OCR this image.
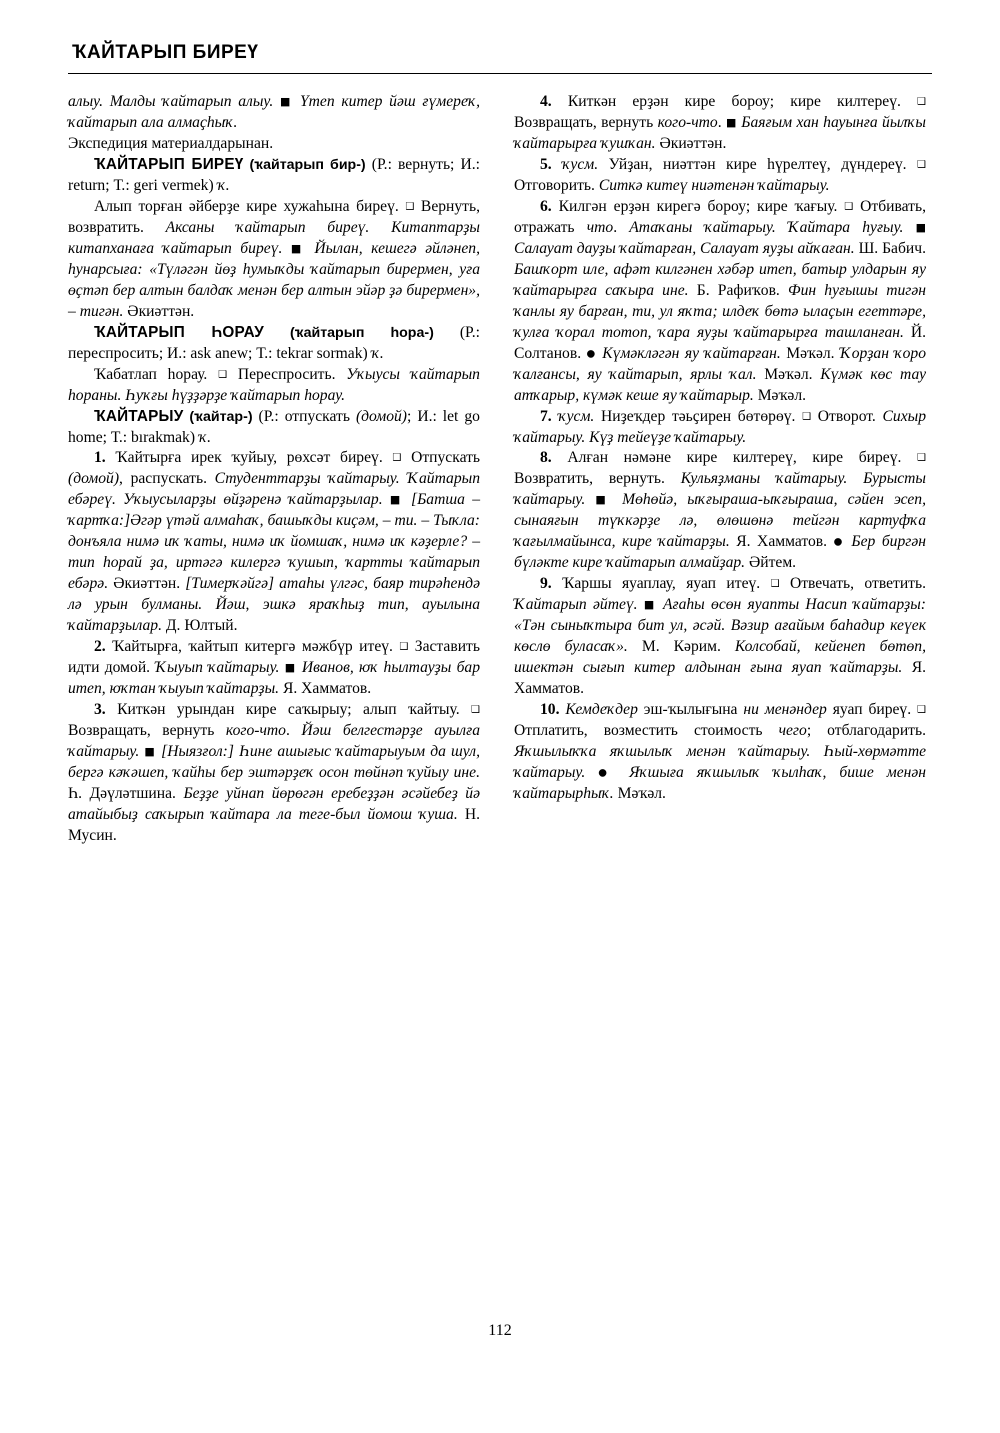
ҠАЙТАРЫП БИРЕҮ

алыу. Малды ҡайтарып алыу. ■ Үтеп китер йәш ғүмереҡ, ҡайтарып ала алмаҫһыҡ.

Экспедиция материалдарынан.

ҠАЙТАРЫП БИРЕҮ (ҡайтарып бир-) (Р.: вернуть; И.: return; Т.: geri vermek) ҡ.

Алып торған әйберҙе кире хужаһына биреү. ❑ Вернуть, возвратить. Аксаны ҡайтарып биреү. Китаптарҙы китапханаға ҡайтарып биреү. ■ Йылан, кешегә әйләнеп, һунарсыға: «Түләгән йөҙ һумыҡды ҡайтарып бирермен, уға өҫтәп бер алтын балдаҡ менән бер алтын эйәр ҙә бирермен», – тигән. Әкиәттән.

ҠАЙТАРЫП ҺОРАУ (ҡайтарып һора-) (Р.: переспросить; И.: ask anew; Т.: tekrar sormak) ҡ.

Ҡабатлап һорау. ❑ Переспросить. Уҡыусы ҡайтарып һораны. Һуҡғы һүҙҙәрҙе ҡайтарып һорау.

ҠАЙТАРЫУ (ҡайтар-) (Р.: отпускать (домой); И.: let go home; Т.: bırakmak) ҡ.

1. Ҡайтырға ирек ҡуйыу, рөхсәт биреү. ❑ Отпускать (домой), распускать. Студенттарҙы ҡайтарыу. Ҡайтарып ебәреү. Уҡыусыларҙы өйҙәренә ҡайтарҙылар. ■ [Батша – ҡартҡа:]Әгәр үтәй алмаһаҡ, башыҡды киҫәм, – ти. – Тыҡла: донъяла нимә иҡ ҡаты, нимә иҡ йомшаҡ, нимә иҡ кәҙерле? – тип һорай ҙа, иртәгә килергә ҡушып, ҡартты ҡайтарып ебәрә. Әкиәттән. [Тимерҡәйгә] атаһы үлгәс, баяр тирәһендә лә урын булманы. Йәш, эшкә яраҡһыҙ тип, ауылына ҡайтарҙылар. Д. Юлтый.

2. Ҡайтырға, ҡайтып китергә мәжбүр итеү. ❑ Заставить идти домой. Ҡыуып ҡайтарыу. ■ Иванов, юҡ һылтауҙы бар итеп, юҡтан ҡыуып ҡайтарҙы. Я. Хамматов.

3. Киткән урындан кире саҡырыу; алып ҡайтыу. ❑ Возвращать, вернуть кого-что. Йәш белгестәрҙе ауылға ҡайтарыу. ■ [Ныязғол:] Һине ашығыс ҡайтарыуым да шул, бергә кәҡәшеп, ҡайһы бер эштәрҙеҡ осон төйнәп ҡуйыу ине. Һ. Дәүләтшина. Беҙҙе уйнап йөрөгән еребеҙҙән әсәйебеҙ йә атайыбыҙ саҡырып ҡайтара ла теге-был йомош ҡуша. Н. Мусин.

4. Киткән ерҙән кире бороу; кире килтереү. ❑ Возвращать, вернуть кого-что. ■ Баяғым хан һауынға йылҡы ҡайтарырға ҡушҡан. Әкиәттән.

5. ҡусм. Уйҙан, ниәттән кире һүрелтеү, дүндереү. ❑ Отговорить. Ситкә китеү ниәтенән ҡайтарыу.

6. Килгән ерҙән кирегә бороу; кире ҡағыу. ❑ Отбивать, отражать что. Атаҡаны ҡайтарыу. Ҡайтара һуғыу. ■ Салауат дауҙы ҡайтарған, Салауат яуҙы айҡаған. Ш. Бабич. Башҡорт иле, афәт килгәнен хәбәр итеп, батыр улдарын яу ҡайтарырға саҡыра ине. Б. Рафиҡов. Фин һуғышы тигән ҡанлы яу барған, ти, ул яҡта; илдеҡ бөтә ылаҫын егеттәре, ҡулға ҡорал тотоп, ҡара яуҙы ҡайтарырға ташланған. Й. Солтанов. ● Күмәкләгән яу ҡайтарған. Мәҡәл. Ҡорҙан ҡоро ҡалғансы, яу ҡайтарып, ярлы ҡал. Мәҡәл. Күмәк көс тау атҡарыр, күмәк кеше яу ҡайтарыр. Мәҡәл.

7. ҡусм. Ниҙеҡдер тәьҫирен бөтөрөү. ❑ Отворот. Сихыр ҡайтарыу. Күҙ тейеүҙе ҡайтарыу.

8. Алған нәмәне кире килтереү, кире биреү. ❑ Возвратить, вернуть. Кульяҙманы ҡайтарыу. Бурысты ҡайтарыу. ■ Мөһөйә, ыҡғыраша-ыҡғыраша, сәйен эсеп, сынаяғын түҡкәрҙе лә, өлөшөнә тейгән картуфҡа ҡағылмайынса, кире ҡайтарҙы. Я. Хамматов. ● Бер биргән бүләкте кире ҡайтарып алмайҙар. Әйтем.

9. Ҡаршы яуаплау, яуап итеү. ❑ Отвечать, ответить. Ҡайтарып әйтеү. ■ Ағаһы өсөн яуапты Насип ҡайтарҙы: «Тән сыныҡтыра бит ул, әсәй. Вәзир ағайым баһадир кеүек көслө буласаҡ». М. Кәрим. Колсобай, кейенеп бөтөп, ишектән сығып китер алдынан ғына яуап ҡайтарҙы. Я. Хамматов.

10. Кемдеҡдер эш-ҡылығына ни менәндер яуап биреү. ❑ Отплатить, возместить стоимость чего; отблагодарить. Яҡшылыҡҡа яҡшылыҡ менән ҡайтарыу. Һый-хөрмәтте ҡайтарыу. ● Яҡшыға яҡшылыҡ ҡылһаҡ, бише менән ҡайтарырһыҡ. Мәҡәл.

112
